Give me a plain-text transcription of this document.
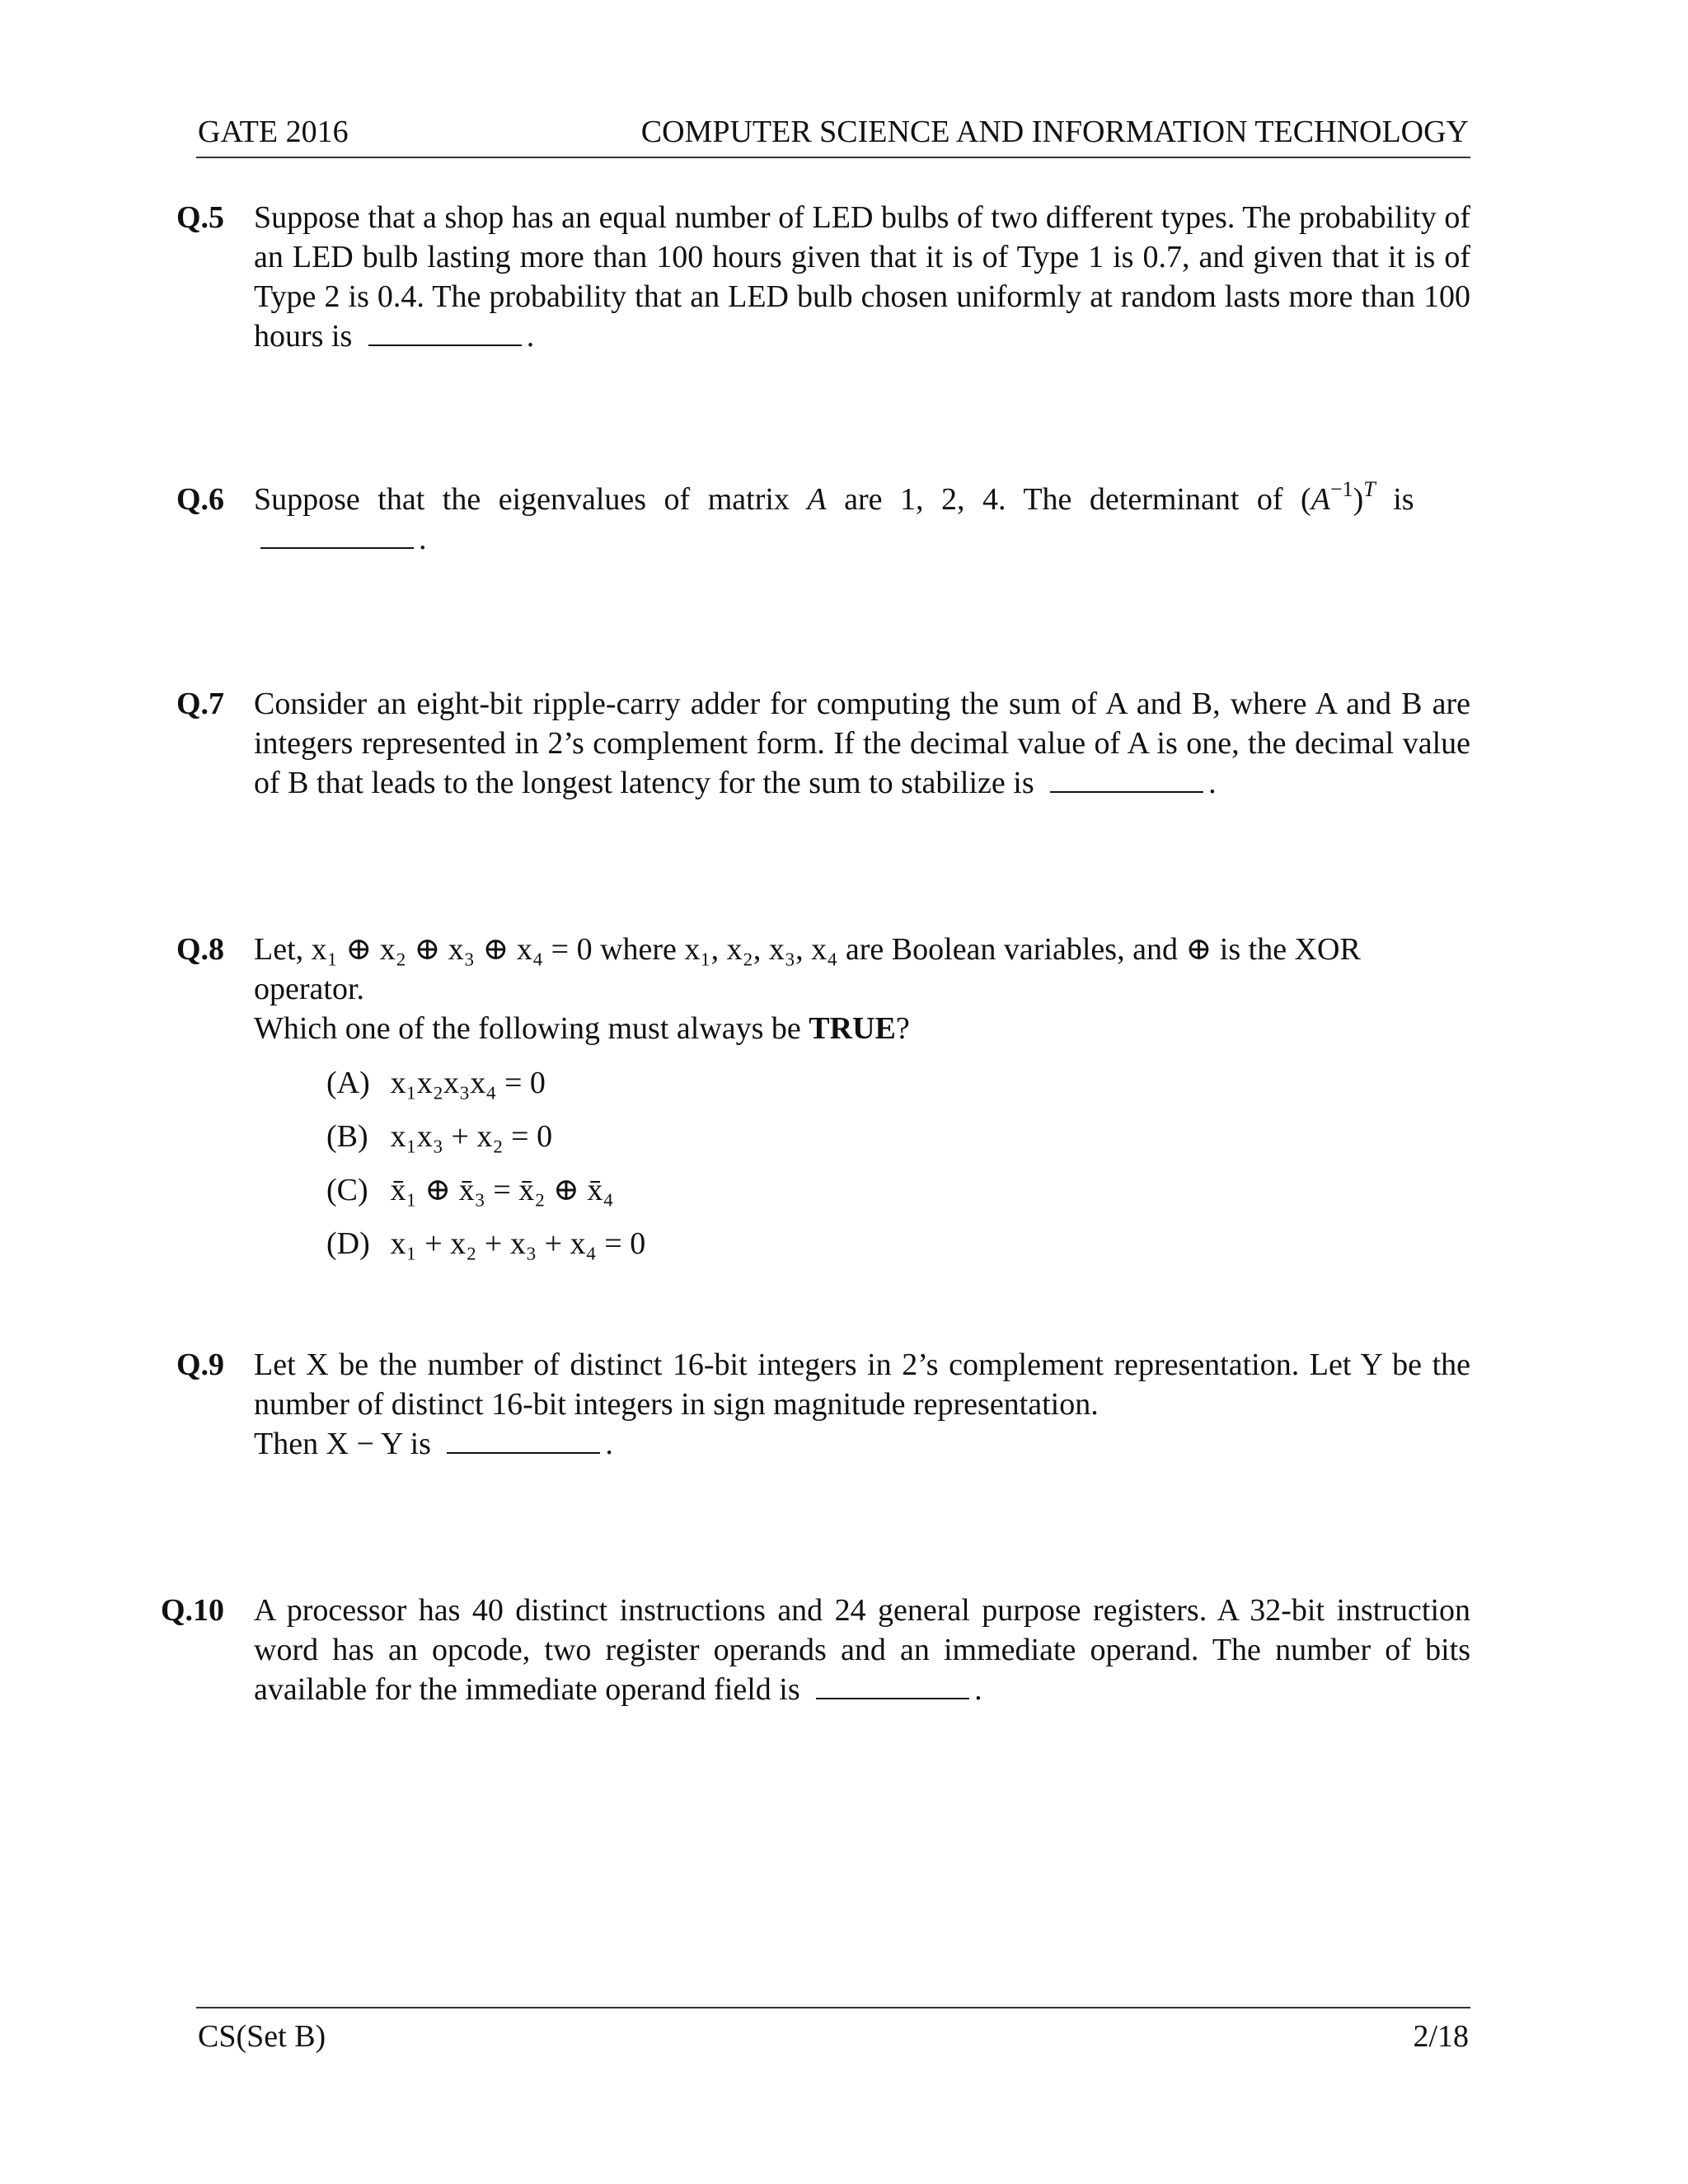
GATE 2016	COMPUTER SCIENCE AND INFORMATION TECHNOLOGY
Q.5 Suppose that a shop has an equal number of LED bulbs of two different types. The probability of an LED bulb lasting more than 100 hours given that it is of Type 1 is 0.7, and given that it is of Type 2 is 0.4. The probability that an LED bulb chosen uniformly at random lasts more than 100 hours is	.
Q.6 Suppose that the eigenvalues of matrix A are 1, 2, 4. The determinant of $(A^{-1})^T$ is
.
Q.7 Consider an eight-bit ripple-carry adder for computing the sum of A and B, where A and B are integers represented in 2’s complement form. If the decimal value of A is one, the decimal value of B that leads to the longest latency for the sum to stabilize is	.
Q.8 Let, x₁ ⊕ x₂ ⊕ x₃ ⊕ x₄ = 0 where x₁, x₂, x₃, x₄ are Boolean variables, and ⊕ is the XOR operator.
Which one of the following must always be TRUE?
(A) x₁x₂x₃x₄ = 0
(B) x₁x₃ + x₂ = 0
(C) x̄₁ ⊕ x̄₃ = x̄₂ ⊕ x̄₄
(D) x₁ + x₂ + x₃ + x₄ = 0
Q.9 Let X be the number of distinct 16-bit integers in 2’s complement representation. Let Y be the number of distinct 16-bit integers in sign magnitude representation.
Then X − Y is	.
Q.10 A processor has 40 distinct instructions and 24 general purpose registers. A 32-bit instruction word has an opcode, two register operands and an immediate operand. The number of bits available for the immediate operand field is	.
CS(Set B)	2/18
